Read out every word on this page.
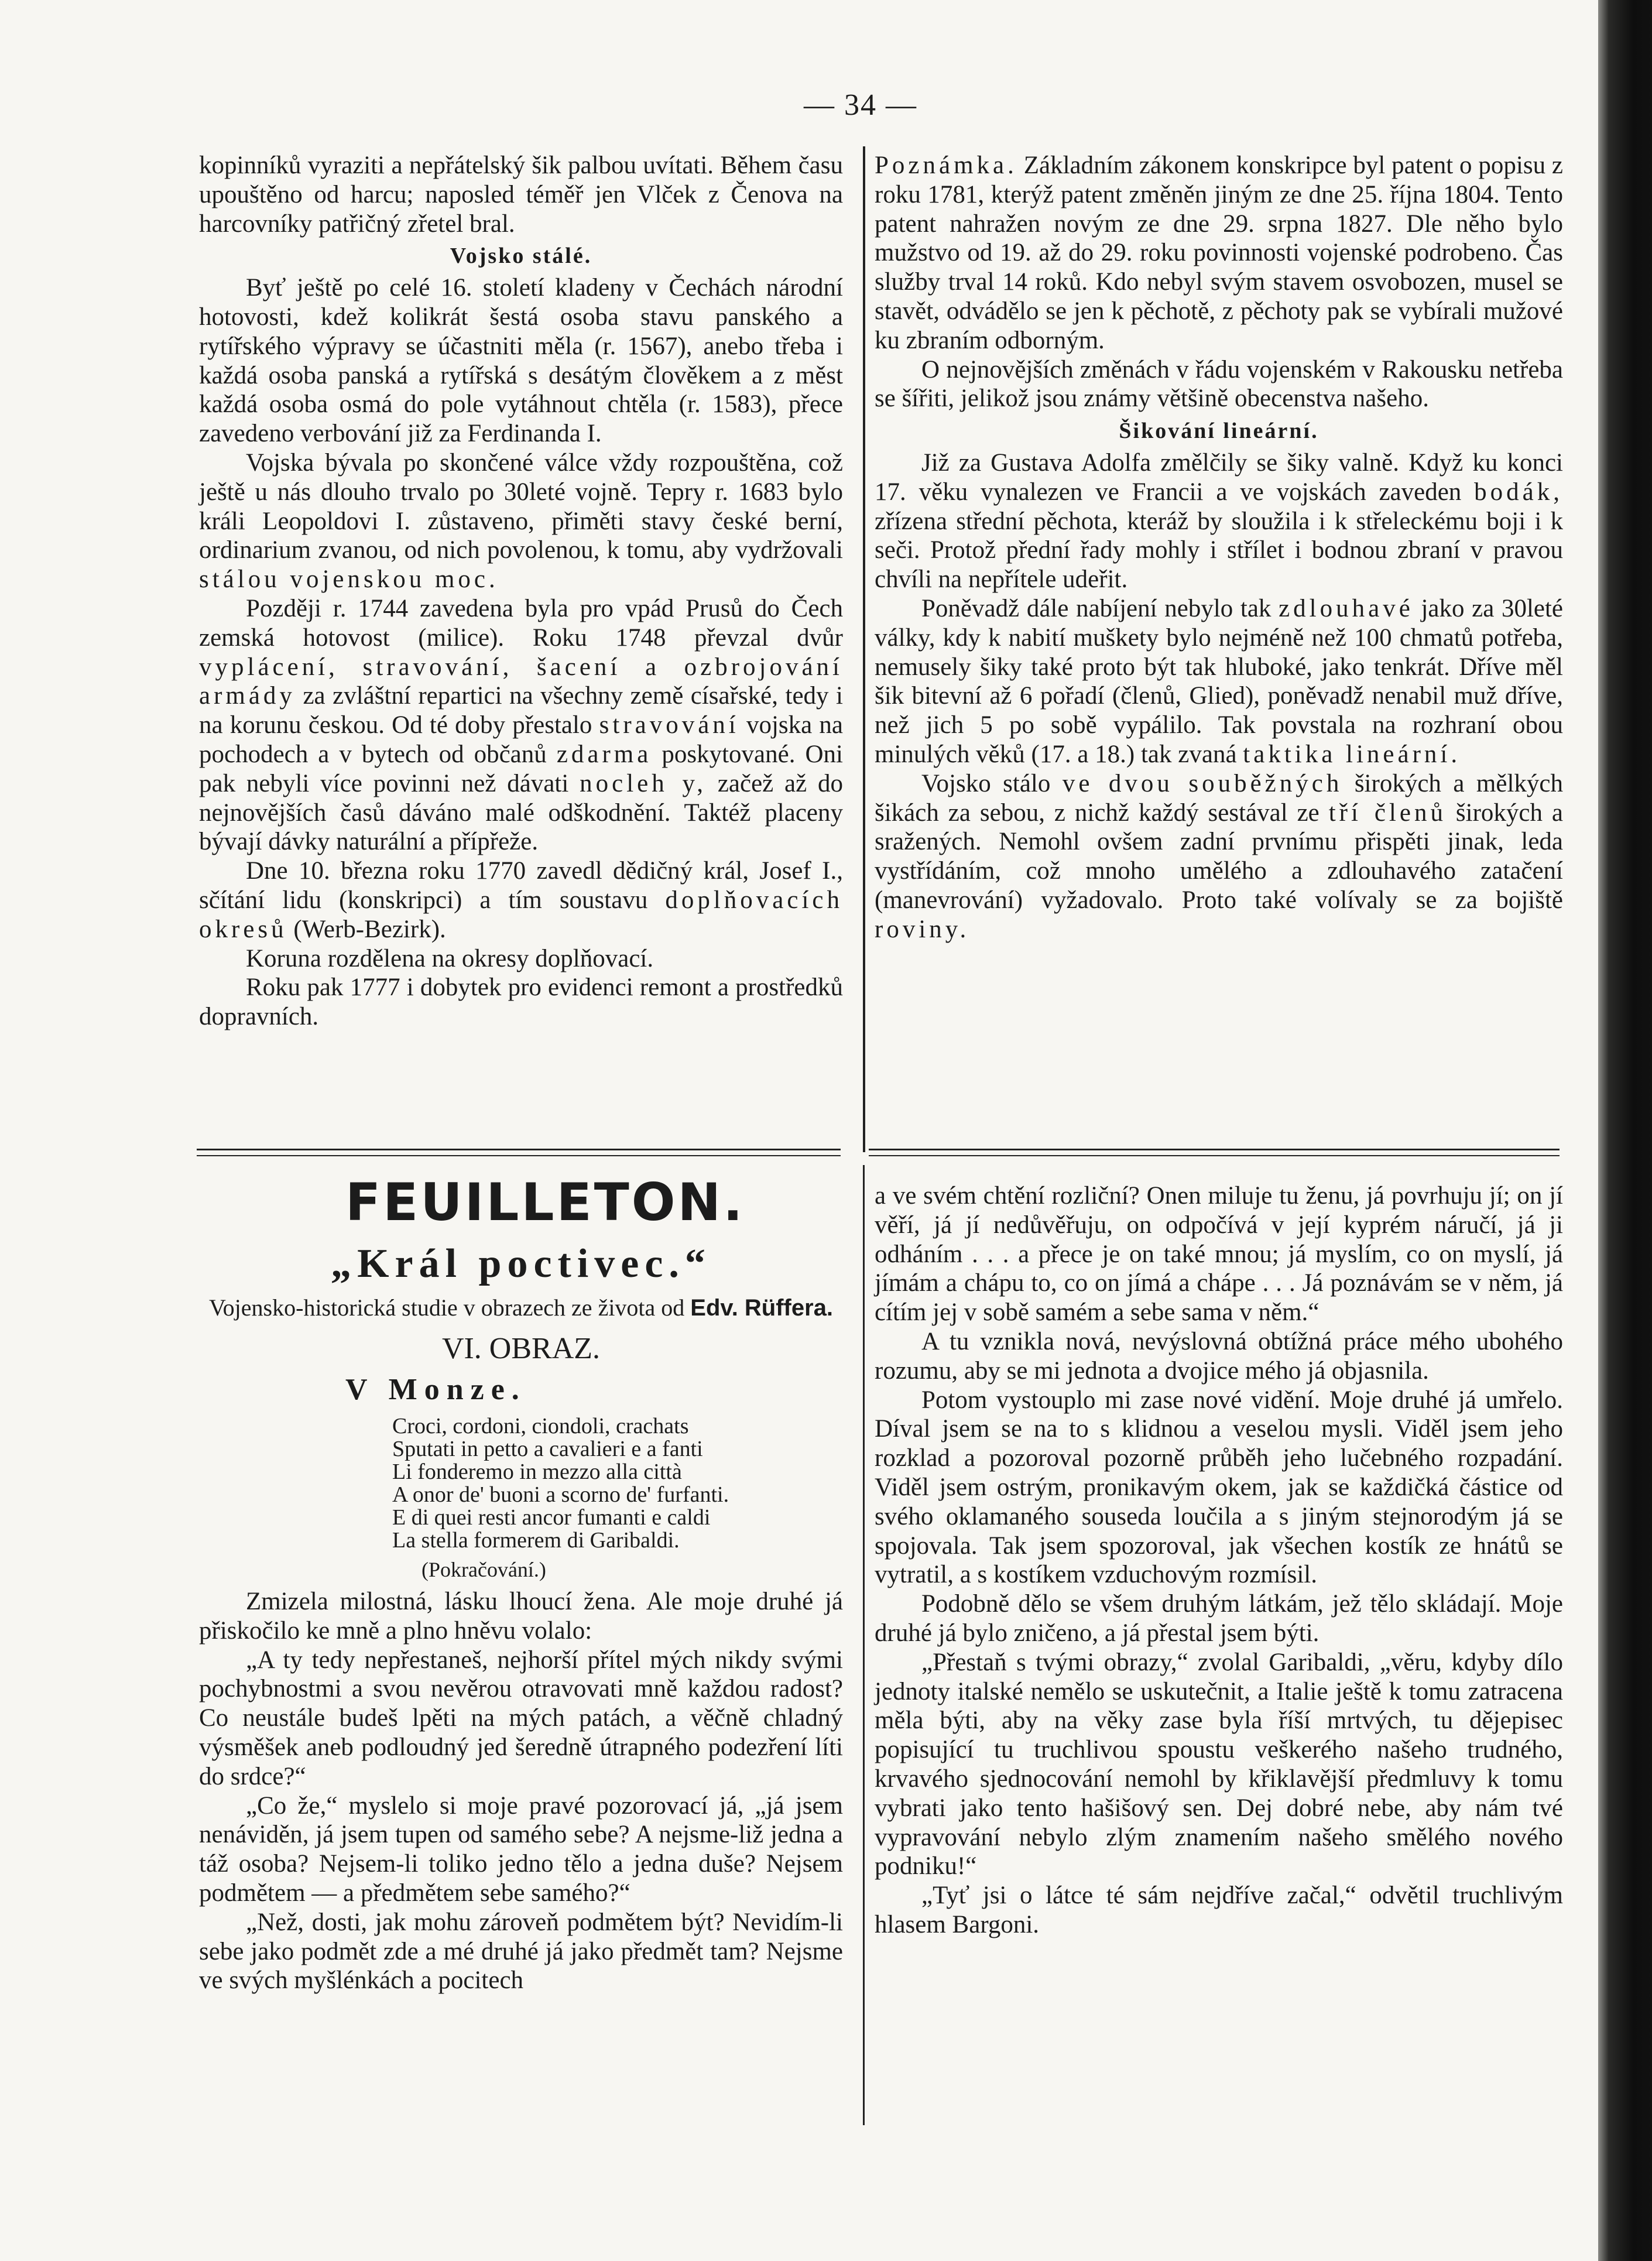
— 34 —

kopinníků vyraziti a nepřátelský šik palbou uvítati. Během času upouštěno od harcu; naposled téměř jen Vlček z Čenova na harcovníky patřičný zřetel bral.

Vojsko stálé.

Byť ještě po celé 16. století kladeny v Čechách národní hotovosti, kdež kolikrát šestá osoba stavu panského a rytířského výpravy se účastniti měla (r. 1567), anebo třeba i každá osoba panská a rytířská s desátým člověkem a z měst každá osoba osmá do pole vytáhnout chtěla (r. 1583), přece zavedeno verbování již za Ferdinanda I.

Vojska bývala po skončené válce vždy rozpouštěna, což ještě u nás dlouho trvalo po 30leté vojně. Tepry r. 1683 bylo králi Leopoldovi I. zůstaveno, přiměti stavy české berní, ordinarium zvanou, od nich povolenou, k tomu, aby vydržovali stálou vojenskou moc.

Později r. 1744 zavedena byla pro vpád Prusů do Čech zemská hotovost (milice). Roku 1748 převzal dvůr vyplácení, stravování, šacení a ozbrojování armády za zvláštní repartici na všechny země císařské, tedy i na korunu českou. Od té doby přestalo stravování vojska na pochodech a v bytech od občanů zdarma poskytované. Oni pak nebyli více povinni než dávati nocleh y, začež až do nejnovějších časů dáváno malé odškodnění. Taktéž placeny bývají dávky naturální a přípřeže.

Dne 10. března roku 1770 zavedl dědičný král, Josef I., sčítání lidu (konskripci) a tím soustavu doplňovacích okresů (Werb-Bezirk).

Koruna rozdělena na okresy doplňovací.

Roku pak 1777 i dobytek pro evidenci remont a prostředků dopravních.

Poznámka. Základním zákonem konskripce byl patent o popisu z roku 1781, kterýž patent změněn jiným ze dne 25. října 1804. Tento patent nahražen novým ze dne 29. srpna 1827. Dle něho bylo mužstvo od 19. až do 29. roku povinnosti vojenské podrobeno. Čas služby trval 14 roků. Kdo nebyl svým stavem osvobozen, musel se stavět, odvádělo se jen k pěchotě, z pěchoty pak se vybírali mužové ku zbraním odborným.

O nejnovějších změnách v řádu vojenském v Rakousku netřeba se šířiti, jelikož jsou známy většině obecenstva našeho.

Šikování lineární.

Již za Gustava Adolfa změlčily se šiky valně. Když ku konci 17. věku vynalezen ve Francii a ve vojskách zaveden bodák, zřízena střední pěchota, kteráž by sloužila i k střeleckému boji i k seči. Protož přední řady mohly i střílet i bodnou zbraní v pravou chvíli na nepřítele udeřit.

Poněvadž dále nabíjení nebylo tak zdlouhavé jako za 30leté války, kdy k nabití muškety bylo nejméně než 100 chmatů potřeba, nemusely šiky také proto být tak hluboké, jako tenkrát. Dříve měl šik bitevní až 6 pořadí (členů, Glied), poněvadž nenabil muž dříve, než jich 5 po sobě vypálilo. Tak povstala na rozhraní obou minulých věků (17. a 18.) tak zvaná taktika lineární.

Vojsko stálo ve dvou souběžných širokých a mělkých šikách za sebou, z nichž každý sestával ze tří členů širokých a sražených. Nemohl ovšem zadní prvnímu přispěti jinak, leda vystřídáním, což mnoho umělého a zdlouhavého zatačení (manevrování) vyžadovalo. Proto také volívaly se za bojiště roviny.

FEUILLETON.
„Král poctivec.“
Vojensko-historická studie v obrazech ze života od Edv. Rüffera.
VI. OBRAZ.
V Monze.
Croci, cordoni, ciondoli, crachats
Sputati in petto a cavalieri e a fanti
Li fonderemo in mezzo alla città
A onor de' buoni a scorno de' furfanti.
E di quei resti ancor fumanti e caldi
La stella formerem di Garibaldi.
(Pokračování.)

Zmizela milostná, lásku lhoucí žena. Ale moje druhé já přiskočilo ke mně a plno hněvu volalo:

„A ty tedy nepřestaneš, nejhorší přítel mých nikdy svými pochybnostmi a svou nevěrou otravovati mně každou radost? Co neustále budeš lpěti na mých patách, a věčně chladný výsměšek aneb podloudný jed šeredně útrapného podezření líti do srdce?“

„Co že,“ myslelo si moje pravé pozorovací já, „já jsem nenáviděn, já jsem tupen od samého sebe? A nejsme-liž jedna a táž osoba? Nejsem-li toliko jedno tělo a jedna duše? Nejsem podmětem — a předmětem sebe samého?“

„Než, dosti, jak mohu zároveň podmětem být? Nevidím-li sebe jako podmět zde a mé druhé já jako předmět tam? Nejsme ve svých myšlénkách a pocitech

a ve svém chtění rozliční? Onen miluje tu ženu, já povrhuju jí; on jí věří, já jí nedůvěřuju, on odpočívá v její kyprém náručí, já ji odháním . . . a přece je on také mnou; já myslím, co on myslí, já jímám a chápu to, co on jímá a chápe . . . Já poznávám se v něm, já cítím jej v sobě samém a sebe sama v něm.“

A tu vznikla nová, nevýslovná obtížná práce mého ubohého rozumu, aby se mi jednota a dvojice mého já objasnila.

Potom vystouplo mi zase nové vidění. Moje druhé já umřelo. Díval jsem se na to s klidnou a veselou mysli. Viděl jsem jeho rozklad a pozoroval pozorně průběh jeho lučebného rozpadání. Viděl jsem ostrým, pronikavým okem, jak se každičká částice od svého oklamaného souseda loučila a s jiným stejnorodým já se spojovala. Tak jsem spozoroval, jak všechen kostík ze hnátů se vytratil, a s kostíkem vzduchovým rozmísil.

Podobně dělo se všem druhým látkám, jež tělo skládají. Moje druhé já bylo zničeno, a já přestal jsem býti.

„Přestaň s tvými obrazy,“ zvolal Garibaldi, „věru, kdyby dílo jednoty italské nemělo se uskutečnit, a Italie ještě k tomu zatracena měla býti, aby na věky zase byla říší mrtvých, tu dějepisec popisující tu truchlivou spoustu veškerého našeho trudného, krvavého sjednocování nemohl by křiklavější předmluvy k tomu vybrati jako tento hašišový sen. Dej dobré nebe, aby nám tvé vypravování nebylo zlým znamením našeho smělého nového podniku!“

„Tyť jsi o látce té sám nejdříve začal,“ odvětil truchlivým hlasem Bargoni.
